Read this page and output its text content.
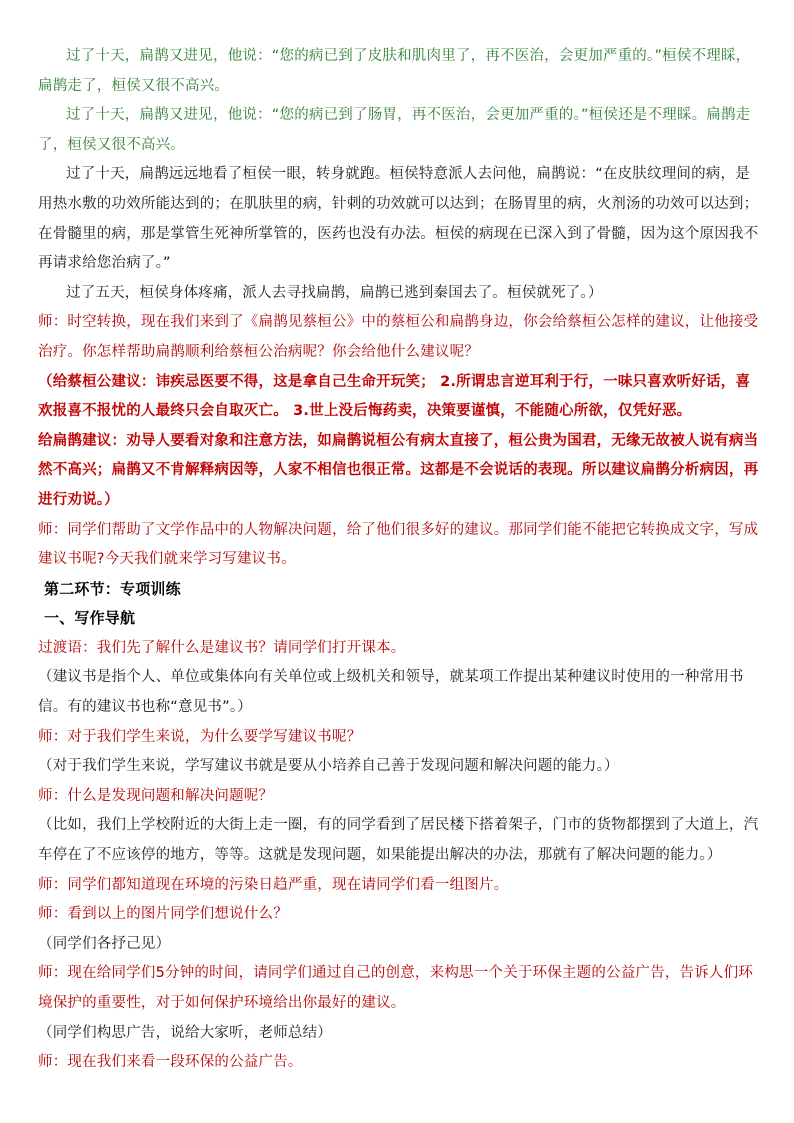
过了十天，扁鹊又进见，他说：“您的病已到了皮肤和肌肉里了，再不医治，会更加严重的。”桓侯不理睬，扁鹊走了，桓侯又很不高兴。

过了十天，扁鹊又进见，他说：“您的病已到了肠胃，再不医治，会更加严重的。”桓侯还是不理睬。扁鹊走了，桓侯又很不高兴。

过了十天，扁鹊远远地看了桓侯一眼，转身就跑。桓侯特意派人去问他，扁鹊说：“在皮肤纹理间的病，是用热水敷的功效所能达到的；在肌肤里的病，针刺的功效就可以达到；在肠胃里的病，火剂汤的功效可以达到；在骨髓里的病，那是掌管生死神所掌管的，医药也没有办法。桓侯的病现在已深入到了骨髓，因为这个原因我不再请求给您治病了。”

过了五天，桓侯身体疼痛，派人去寻找扁鹊，扁鹊已逃到秦国去了。桓侯就死了。）

师：时空转换，现在我们来到了《扁鹊见蔡桓公》中的蔡桓公和扁鹊身边，你会给蔡桓公怎样的建议，让他接受治疗。你怎样帮助扁鹊顺利给蔡桓公治病呢？你会给他什么建议呢？

（给蔡桓公建议：讳疾忌医要不得，这是拿自己生命开玩笑； 2.所谓忠言逆耳利于行，一味只喜欢听好话，喜欢报喜不报忧的人最终只会自取灭亡。 3.世上没后悔药卖，决策要谨慎，不能随心所欲，仅凭好恶。

给扁鹊建议：劝导人要看对象和注意方法，如扁鹊说桓公有病太直接了，桓公贵为国君，无缘无故被人说有病当然不高兴；扁鹊又不肯解释病因等，人家不相信也很正常。这都是不会说话的表现。所以建议扁鹊分析病因，再进行劝说。）

师：同学们帮助了文学作品中的人物解决问题，给了他们很多好的建议。那同学们能不能把它转换成文字，写成建议书呢?今天我们就来学习写建议书。

第二环节：专项训练

一、写作导航

过渡语：我们先了解什么是建议书？请同学们打开课本。

（建议书是指个人、单位或集体向有关单位或上级机关和领导，就某项工作提出某种建议时使用的一种常用书信。有的建议书也称“意见书”。）

师：对于我们学生来说，为什么要学写建议书呢？

（对于我们学生来说，学写建议书就是要从小培养自己善于发现问题和解决问题的能力。）

师：什么是发现问题和解决问题呢？

（比如，我们上学校附近的大街上走一圈，有的同学看到了居民楼下搭着架子，门市的货物都摆到了大道上，汽车停在了不应该停的地方，等等。这就是发现问题，如果能提出解决的办法，那就有了解决问题的能力。）

师：同学们都知道现在环境的污染日趋严重，现在请同学们看一组图片。

师：看到以上的图片同学们想说什么？

（同学们各抒己见）

师：现在给同学们5分钟的时间，请同学们通过自己的创意，来构思一个关于环保主题的公益广告，告诉人们环境保护的重要性，对于如何保护环境给出你最好的建议。

（同学们构思广告，说给大家听，老师总结）

师：现在我们来看一段环保的公益广告。
